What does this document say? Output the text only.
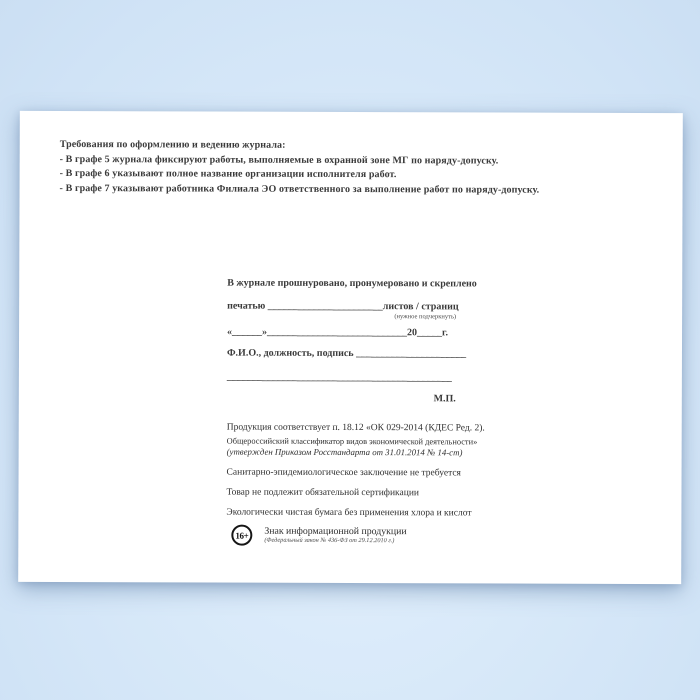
Требования по оформлению и ведению журнала:
- В графе 5 журнала фиксируют работы, выполняемые в охранной зоне МГ по наряду-допуску.
- В графе 6 указывают полное название организации исполнителя работ.
- В графе 7 указывают работника Филиала ЭО ответственного за выполнение работ по наряду-допуску.
В журнале прошнуровано, пронумеровано и скреплено
печатью _______________________листов / страниц
(нужное подчеркнуть)
«______»____________________________20_____г.
Ф.И.О., должность, подпись ______________________
_____________________________________________
М.П.
Продукция соответствует п. 18.12 «ОК 029-2014 (КДЕС Ред. 2).
Общероссийский классификатор видов экономической деятельности»
(утвержден Приказом Росстандарта от 31.01.2014 № 14-ст)
Санитарно-эпидемиологическое заключение не требуется
Товар не подлежит обязательной сертификации
Экологически чистая бумага без применения хлора и кислот
16+	Знак информационной продукции
(Федеральный закон № 436-ФЗ от 29.12.2010 г.)
